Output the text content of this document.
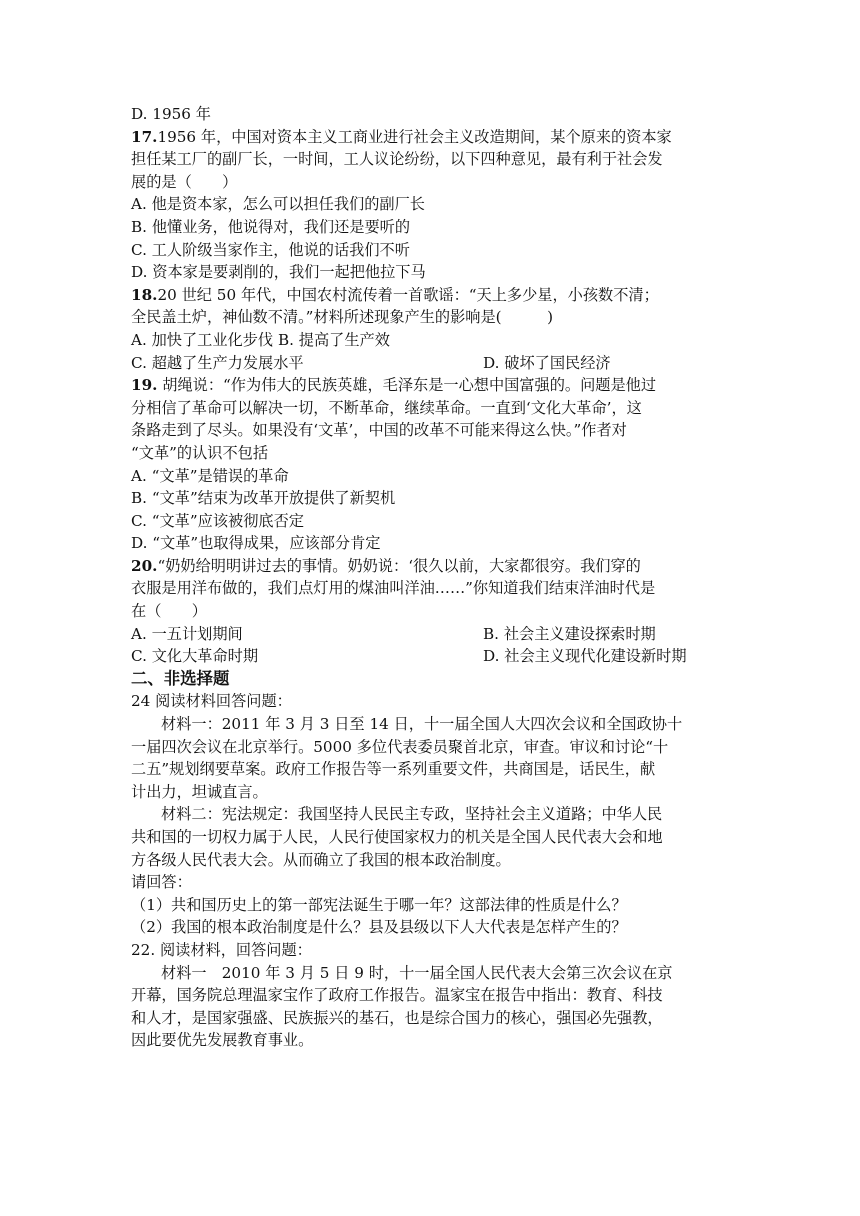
D. 1956 年
17.1956 年，中国对资本主义工商业进行社会主义改造期间，某个原来的资本家
担任某工厂的副厂长，一时间，工人议论纷纷，以下四种意见，最有利于社会发
展的是（　　）
A. 他是资本家，怎么可以担任我们的副厂长
B. 他懂业务，他说得对，我们还是要听的
C. 工人阶级当家作主，他说的话我们不听
D. 资本家是要剥削的，我们一起把他拉下马
18.20 世纪 50 年代，中国农村流传着一首歌谣：“天上多少星，小孩数不清；
全民盖土炉，神仙数不清。”材料所述现象产生的影响是(　　　)
A. 加快了工业化步伐 B. 提高了生产效
C. 超越了生产力发展水平	D. 破坏了国民经济
19. 胡绳说：“作为伟大的民族英雄，毛泽东是一心想中国富强的。问题是他过
分相信了革命可以解决一切，不断革命，继续革命。一直到‘文化大革命’，这
条路走到了尽头。如果没有‘文革’，中国的改革不可能来得这么快。”作者对
“文革”的认识不包括
A. “文革”是错误的革命
B. “文革”结束为改革开放提供了新契机
C. “文革”应该被彻底否定
D. “文革”也取得成果，应该部分肯定
20.“奶奶给明明讲过去的事情。奶奶说：‘很久以前，大家都很穷。我们穿的
衣服是用洋布做的，我们点灯用的煤油叫洋油……”你知道我们结束洋油时代是
在（　　）
A. 一五计划期间	B. 社会主义建设探索时期
C. 文化大革命时期	D. 社会主义现代化建设新时期
二、非选择题
24 阅读材料回答问题：
材料一：2011 年 3 月 3 日至 14 日，十一届全国人大四次会议和全国政协十
一届四次会议在北京举行。5000 多位代表委员聚首北京，审查。审议和讨论“十
二五”规划纲要草案。政府工作报告等一系列重要文件，共商国是，话民生，献
计出力，坦诚直言。
材料二：宪法规定：我国坚持人民民主专政，坚持社会主义道路；中华人民
共和国的一切权力属于人民，人民行使国家权力的机关是全国人民代表大会和地
方各级人民代表大会。从而确立了我国的根本政治制度。
请回答：
（1）共和国历史上的第一部宪法诞生于哪一年？这部法律的性质是什么？
（2）我国的根本政治制度是什么？县及县级以下人大代表是怎样产生的？
22. 阅读材料，回答问题：
材料一　2010 年 3 月 5 日 9 时，十一届全国人民代表大会第三次会议在京
开幕，国务院总理温家宝作了政府工作报告。温家宝在报告中指出：教育、科技
和人才，是国家强盛、民族振兴的基石，也是综合国力的核心，强国必先强教，
因此要优先发展教育事业。
